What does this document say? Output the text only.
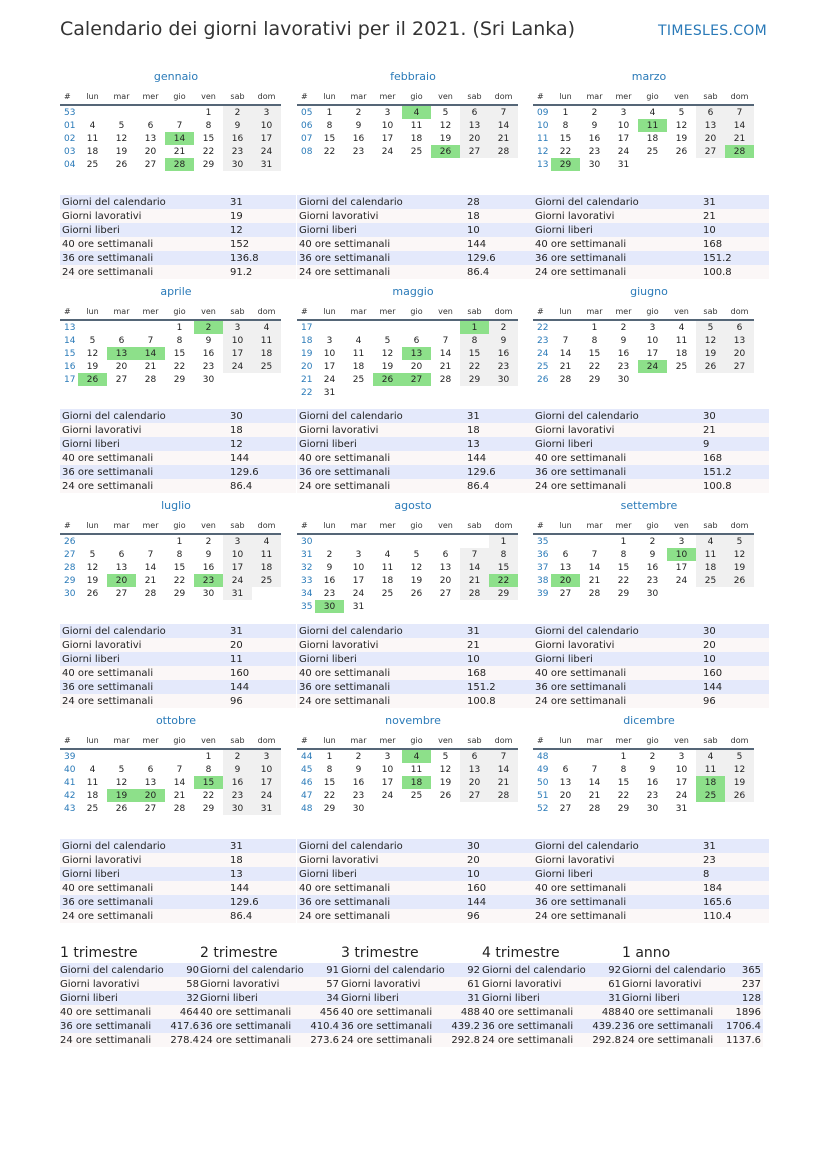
Calendario dei giorni lavorativi per il 2021. (Sri Lanka)	TIMESLES.COM
gennaio
#	lun	mar	mer	gio	ven	sab	dom
53					1	2	3
01	4	5	6	7	8	9	10
02	11	12	13	14	15	16	17
03	18	19	20	21	22	23	24
04	25	26	27	28	29	30	31
Giorni del calendario	31
Giorni lavorativi	19
Giorni liberi	12
40 ore settimanali	152
36 ore settimanali	136.8
24 ore settimanali	91.2
febbraio
#	lun	mar	mer	gio	ven	sab	dom
05	1	2	3	4	5	6	7
06	8	9	10	11	12	13	14
07	15	16	17	18	19	20	21
08	22	23	24	25	26	27	28
Giorni del calendario	28
Giorni lavorativi	18
Giorni liberi	10
40 ore settimanali	144
36 ore settimanali	129.6
24 ore settimanali	86.4
marzo
#	lun	mar	mer	gio	ven	sab	dom
09	1	2	3	4	5	6	7
10	8	9	10	11	12	13	14
11	15	16	17	18	19	20	21
12	22	23	24	25	26	27	28
13	29	30	31				
Giorni del calendario	31
Giorni lavorativi	21
Giorni liberi	10
40 ore settimanali	168
36 ore settimanali	151.2
24 ore settimanali	100.8
aprile
#	lun	mar	mer	gio	ven	sab	dom
13				1	2	3	4
14	5	6	7	8	9	10	11
15	12	13	14	15	16	17	18
16	19	20	21	22	23	24	25
17	26	27	28	29	30		
Giorni del calendario	30
Giorni lavorativi	18
Giorni liberi	12
40 ore settimanali	144
36 ore settimanali	129.6
24 ore settimanali	86.4
maggio
#	lun	mar	mer	gio	ven	sab	dom
17						1	2
18	3	4	5	6	7	8	9
19	10	11	12	13	14	15	16
20	17	18	19	20	21	22	23
21	24	25	26	27	28	29	30
22	31						
Giorni del calendario	31
Giorni lavorativi	18
Giorni liberi	13
40 ore settimanali	144
36 ore settimanali	129.6
24 ore settimanali	86.4
giugno
#	lun	mar	mer	gio	ven	sab	dom
22		1	2	3	4	5	6
23	7	8	9	10	11	12	13
24	14	15	16	17	18	19	20
25	21	22	23	24	25	26	27
26	28	29	30				
Giorni del calendario	30
Giorni lavorativi	21
Giorni liberi	9
40 ore settimanali	168
36 ore settimanali	151.2
24 ore settimanali	100.8
luglio
#	lun	mar	mer	gio	ven	sab	dom
26				1	2	3	4
27	5	6	7	8	9	10	11
28	12	13	14	15	16	17	18
29	19	20	21	22	23	24	25
30	26	27	28	29	30	31	
Giorni del calendario	31
Giorni lavorativi	20
Giorni liberi	11
40 ore settimanali	160
36 ore settimanali	144
24 ore settimanali	96
agosto
#	lun	mar	mer	gio	ven	sab	dom
30							1
31	2	3	4	5	6	7	8
32	9	10	11	12	13	14	15
33	16	17	18	19	20	21	22
34	23	24	25	26	27	28	29
35	30	31					
Giorni del calendario	31
Giorni lavorativi	21
Giorni liberi	10
40 ore settimanali	168
36 ore settimanali	151.2
24 ore settimanali	100.8
settembre
#	lun	mar	mer	gio	ven	sab	dom
35			1	2	3	4	5
36	6	7	8	9	10	11	12
37	13	14	15	16	17	18	19
38	20	21	22	23	24	25	26
39	27	28	29	30			
Giorni del calendario	30
Giorni lavorativi	20
Giorni liberi	10
40 ore settimanali	160
36 ore settimanali	144
24 ore settimanali	96
ottobre
#	lun	mar	mer	gio	ven	sab	dom
39					1	2	3
40	4	5	6	7	8	9	10
41	11	12	13	14	15	16	17
42	18	19	20	21	22	23	24
43	25	26	27	28	29	30	31
Giorni del calendario	31
Giorni lavorativi	18
Giorni liberi	13
40 ore settimanali	144
36 ore settimanali	129.6
24 ore settimanali	86.4
novembre
#	lun	mar	mer	gio	ven	sab	dom
44	1	2	3	4	5	6	7
45	8	9	10	11	12	13	14
46	15	16	17	18	19	20	21
47	22	23	24	25	26	27	28
48	29	30					
Giorni del calendario	30
Giorni lavorativi	20
Giorni liberi	10
40 ore settimanali	160
36 ore settimanali	144
24 ore settimanali	96
dicembre
#	lun	mar	mer	gio	ven	sab	dom
48			1	2	3	4	5
49	6	7	8	9	10	11	12
50	13	14	15	16	17	18	19
51	20	21	22	23	24	25	26
52	27	28	29	30	31		
Giorni del calendario	31
Giorni lavorativi	23
Giorni liberi	8
40 ore settimanali	184
36 ore settimanali	165.6
24 ore settimanali	110.4
1 trimestre
Giorni del calendario	90
Giorni lavorativi	58
Giorni liberi	32
40 ore settimanali	464
36 ore settimanali	417.6
24 ore settimanali	278.4
2 trimestre
Giorni del calendario	91
Giorni lavorativi	57
Giorni liberi	34
40 ore settimanali	456
36 ore settimanali	410.4
24 ore settimanali	273.6
3 trimestre
Giorni del calendario	92
Giorni lavorativi	61
Giorni liberi	31
40 ore settimanali	488
36 ore settimanali	439.2
24 ore settimanali	292.8
4 trimestre
Giorni del calendario	92
Giorni lavorativi	61
Giorni liberi	31
40 ore settimanali	488
36 ore settimanali	439.2
24 ore settimanali	292.8
1 anno
Giorni del calendario	365
Giorni lavorativi	237
Giorni liberi	128
40 ore settimanali	1896
36 ore settimanali	1706.4
24 ore settimanali	1137.6
